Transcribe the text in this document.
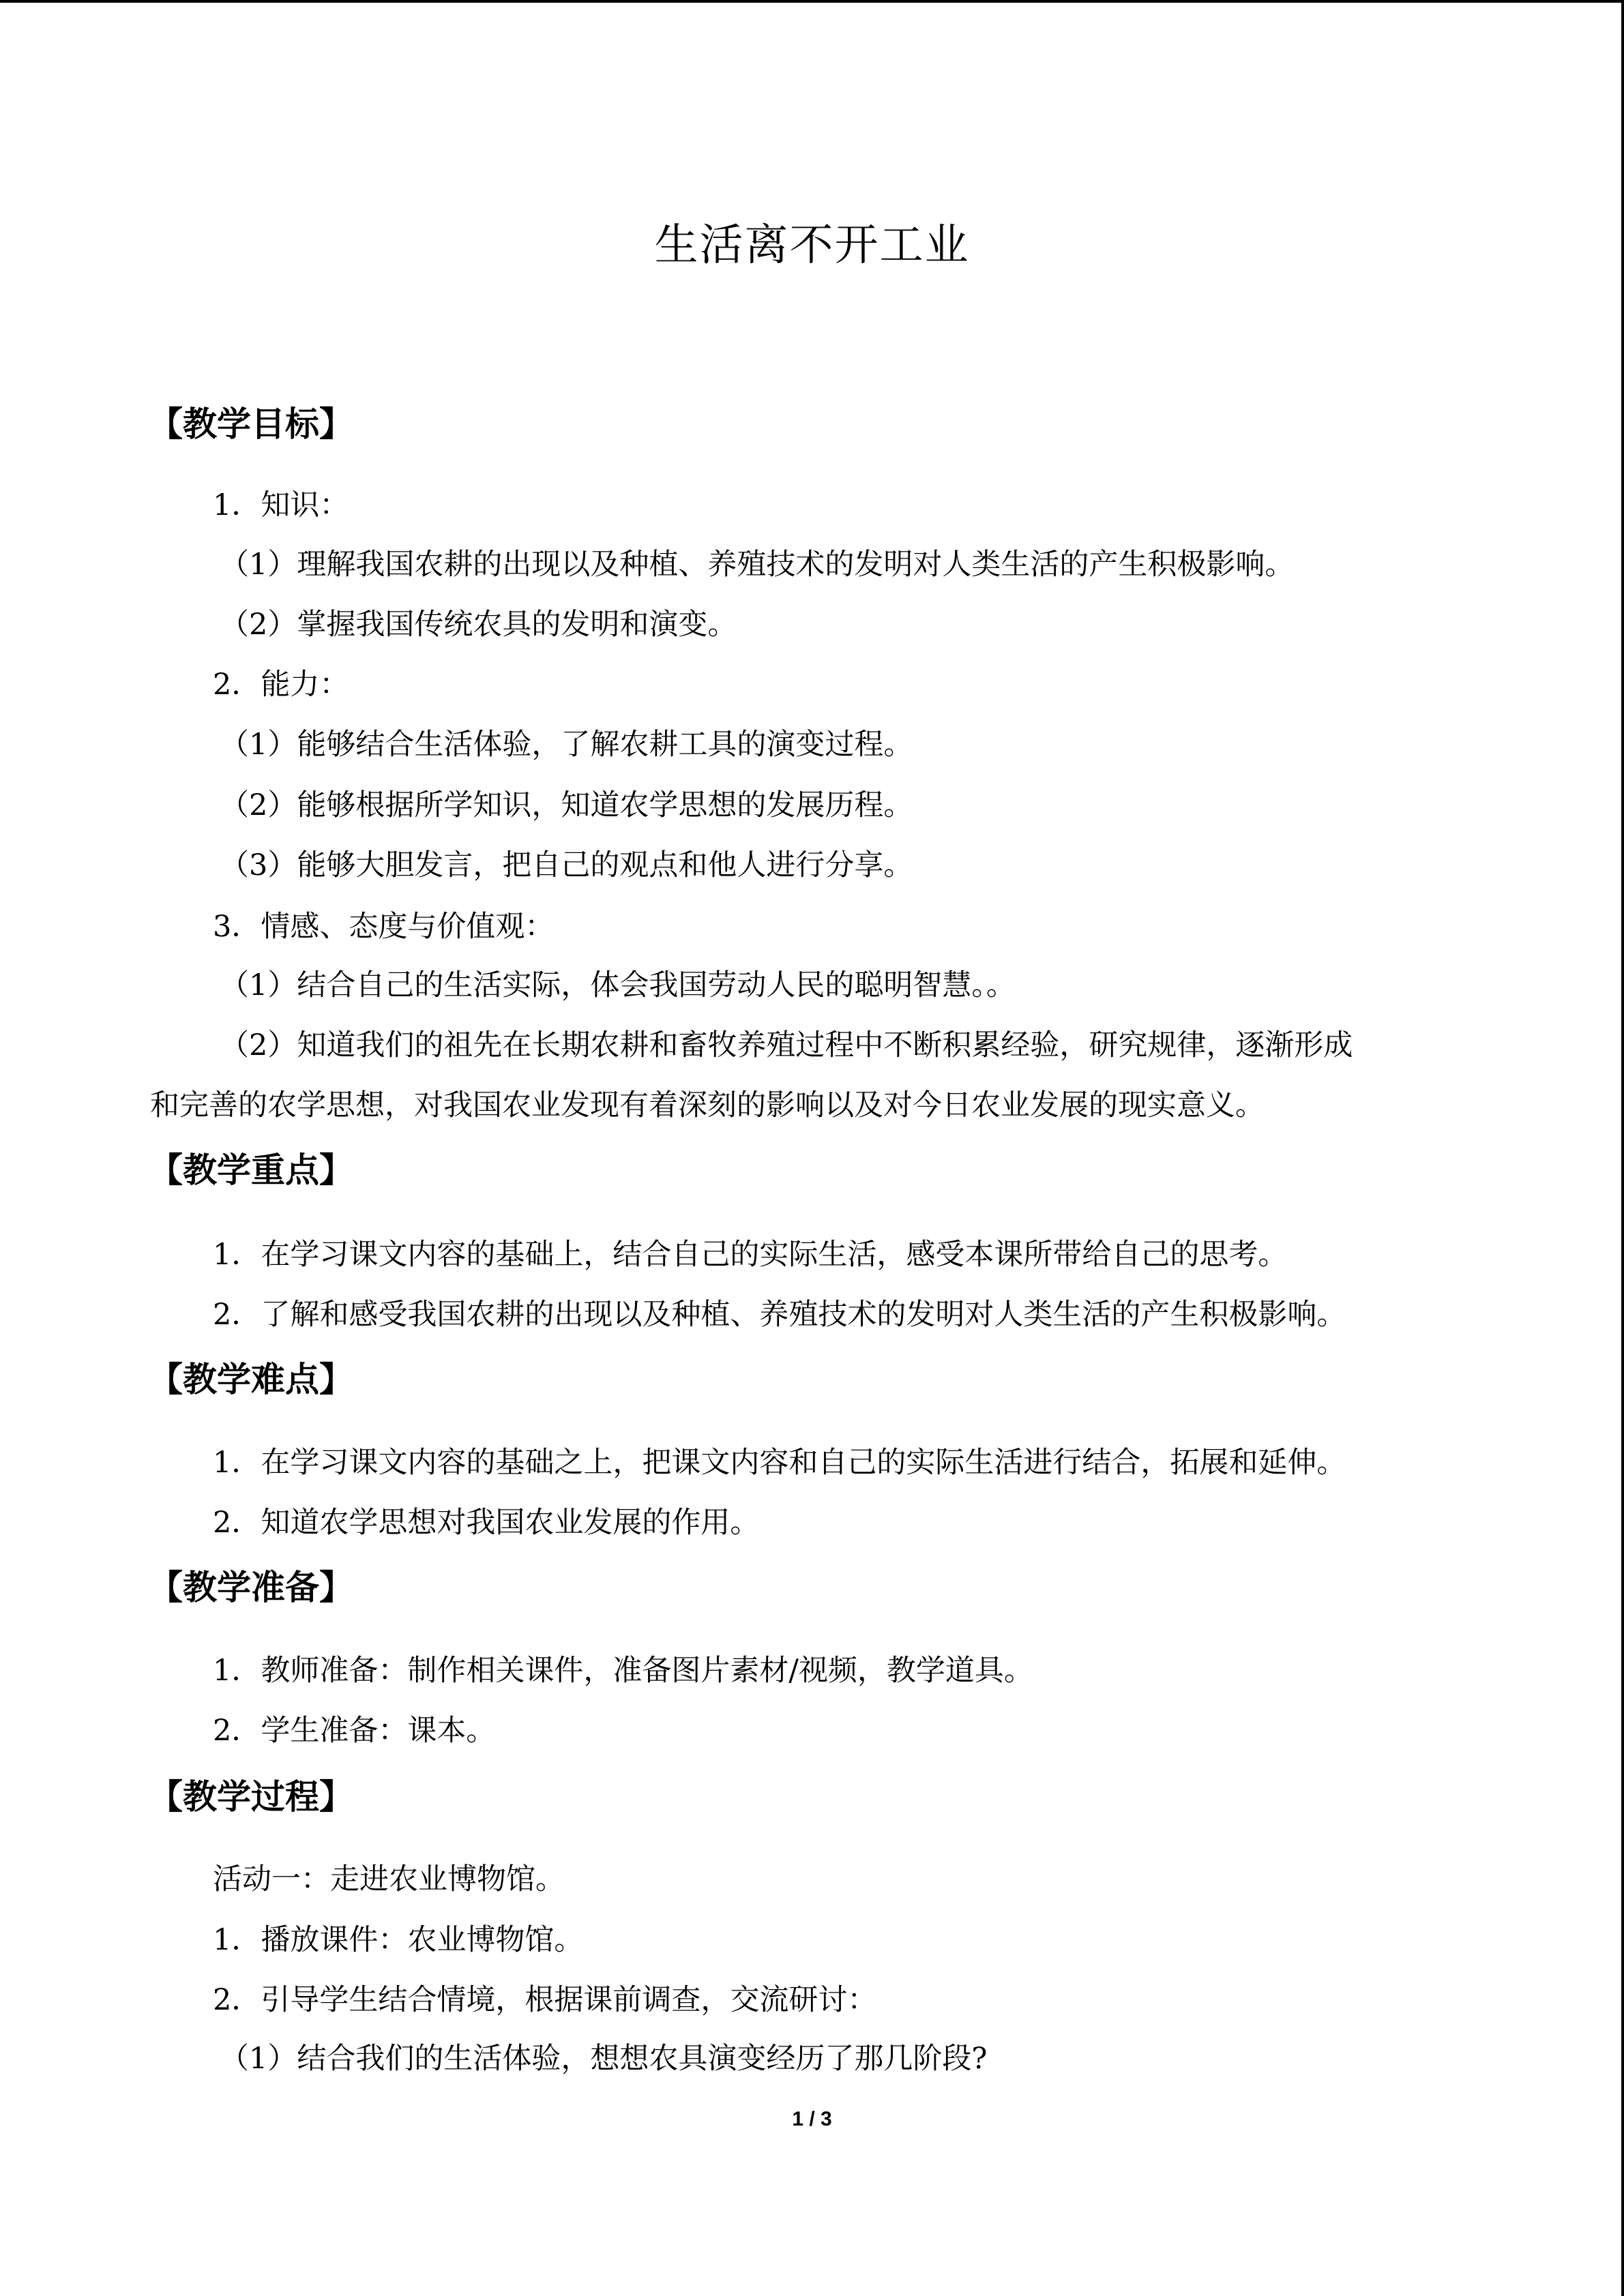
生活离不开工业
【教学目标】
1．知识：
（1）理解我国农耕的出现以及种植、养殖技术的发明对人类生活的产生积极影响。
（2）掌握我国传统农具的发明和演变。
2．能力：
（1）能够结合生活体验，了解农耕工具的演变过程。
（2）能够根据所学知识，知道农学思想的发展历程。
（3）能够大胆发言，把自己的观点和他人进行分享。
3．情感、态度与价值观：
（1）结合自己的生活实际，体会我国劳动人民的聪明智慧。。
（2）知道我们的祖先在长期农耕和畜牧养殖过程中不断积累经验，研究规律，逐渐形成
和完善的农学思想，对我国农业发现有着深刻的影响以及对今日农业发展的现实意义。
【教学重点】
1．在学习课文内容的基础上，结合自己的实际生活，感受本课所带给自己的思考。
2．了解和感受我国农耕的出现以及种植、养殖技术的发明对人类生活的产生积极影响。
【教学难点】
1．在学习课文内容的基础之上，把课文内容和自己的实际生活进行结合，拓展和延伸。
2．知道农学思想对我国农业发展的作用。
【教学准备】
1．教师准备：制作相关课件，准备图片素材/视频，教学道具。
2．学生准备：课本。
【教学过程】
活动一：走进农业博物馆。
1．播放课件：农业博物馆。
2．引导学生结合情境，根据课前调查，交流研讨：
（1）结合我们的生活体验，想想农具演变经历了那几阶段?
1 / 3
